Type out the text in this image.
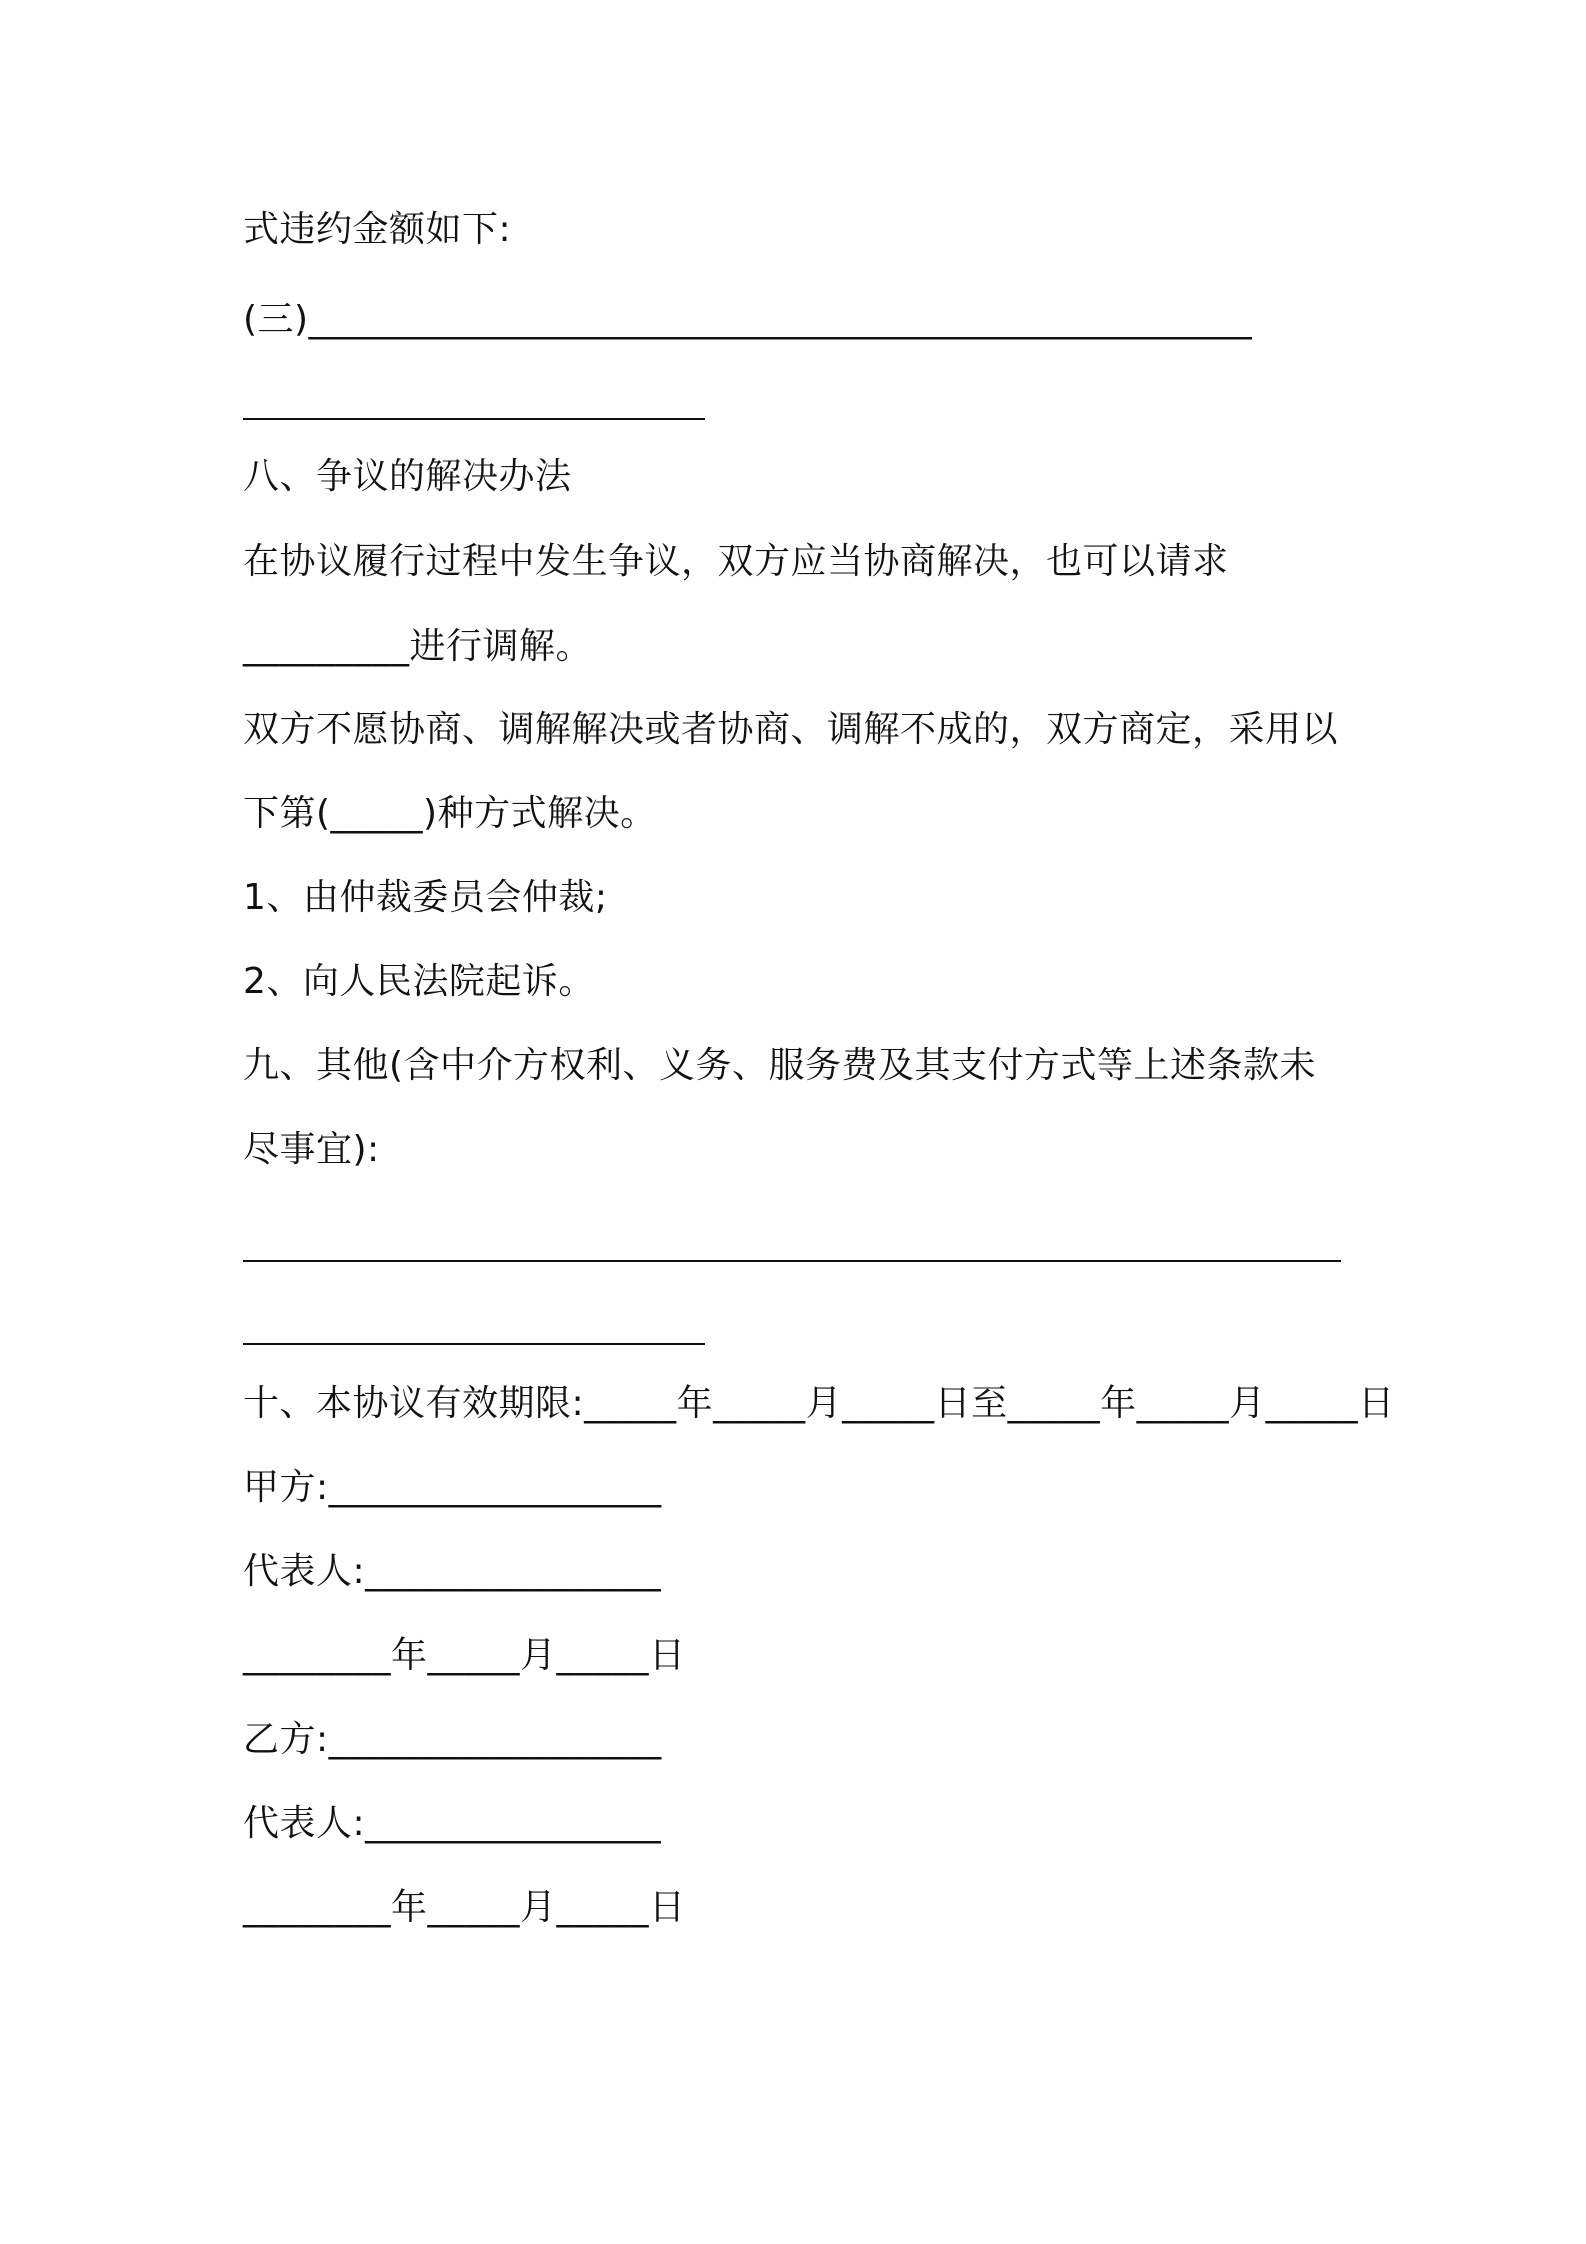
式违约金额如下:
(三)___________________________________________________
八、争议的解决办法
在协议履行过程中发生争议，双方应当协商解决，也可以请求
_________进行调解。
双方不愿协商、调解解决或者协商、调解不成的，双方商定，采用以
下第(_____)种方式解决。
1、由仲裁委员会仲裁;
2、向人民法院起诉。
九、其他(含中介方权利、义务、服务费及其支付方式等上述条款未
尽事宜):
十、本协议有效期限:_____年_____月_____日至_____年_____月_____日
甲方:__________________
代表人:________________
________年_____月_____日
乙方:__________________
代表人:________________
________年_____月_____日
